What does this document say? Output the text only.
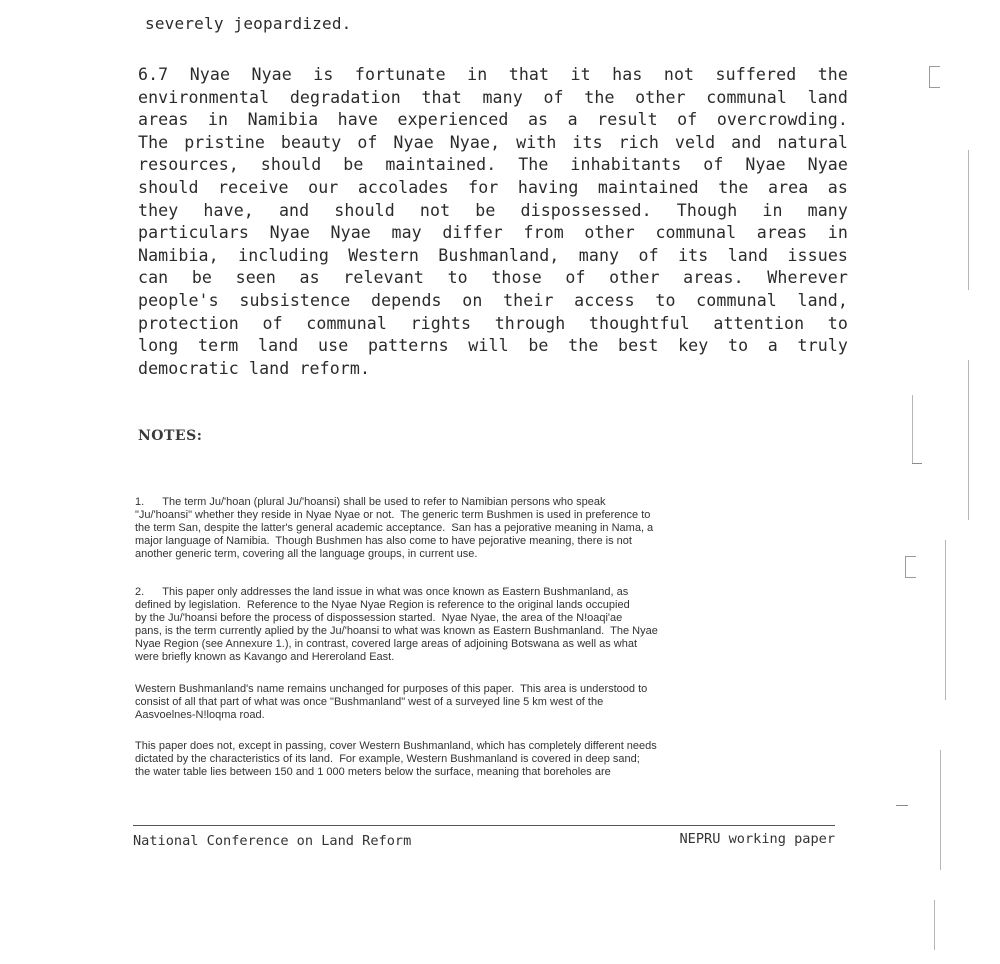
severely jeopardized.
6.7 Nyae Nyae is fortunate in that it has not suffered the
environmental degradation that many of the other communal land
areas in Namibia have experienced as a result of overcrowding.
The pristine beauty of Nyae Nyae, with its rich veld and natural
resources, should be maintained. The inhabitants of Nyae Nyae
should receive our accolades for having maintained the area as
they have, and should not be dispossessed. Though in many
particulars Nyae Nyae may differ from other communal areas in
Namibia, including Western Bushmanland, many of its land issues
can be seen as relevant to those of other areas. Wherever
people's subsistence depends on their access to communal land,
protection of communal rights through thoughtful attention to
long term land use patterns will be the best key to a truly
democratic land reform.
NOTES:
1.      The term Ju/'hoan (plural Ju/'hoansi) shall be used to refer to Namibian persons who speak
"Ju/'hoansi" whether they reside in Nyae Nyae or not.  The generic term Bushmen is used in preference to
the term San, despite the latter's general academic acceptance.  San has a pejorative meaning in Nama, a
major language of Namibia.  Though Bushmen has also come to have pejorative meaning, there is not
another generic term, covering all the language groups, in current use.
2.      This paper only addresses the land issue in what was once known as Eastern Bushmanland, as
defined by legislation.  Reference to the Nyae Nyae Region is reference to the original lands occupied
by the Ju/'hoansi before the process of dispossession started.  Nyae Nyae, the area of the N!oaqi'ae
pans, is the term currently aplied by the Ju/'hoansi to what was known as Eastern Bushmanland.  The Nyae
Nyae Region (see Annexure 1.), in contrast, covered large areas of adjoining Botswana as well as what
were briefly known as Kavango and Hereroland East.
Western Bushmanland's name remains unchanged for purposes of this paper.  This area is understood to
consist of all that part of what was once "Bushmanland" west of a surveyed line 5 km west of the
Aasvoelnes-N!loqma road.
This paper does not, except in passing, cover Western Bushmanland, which has completely different needs
dictated by the characteristics of its land.  For example, Western Bushmanland is covered in deep sand;
the water table lies between 150 and 1 000 meters below the surface, meaning that boreholes are
National Conference on Land Reform	NEPRU working paper
